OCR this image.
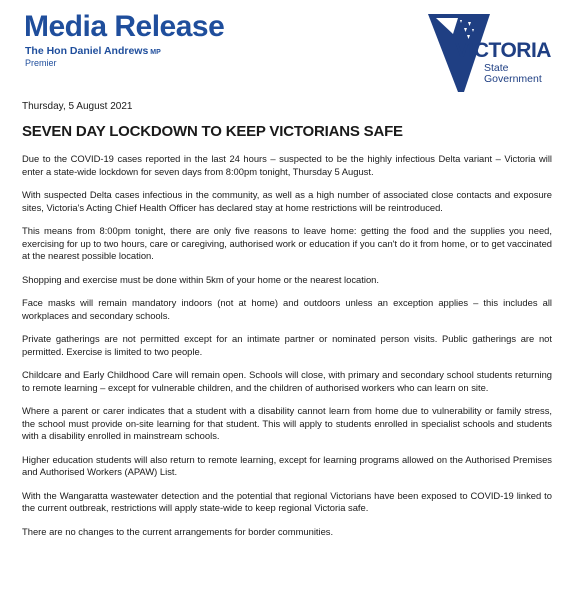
Media Release
The Hon Daniel Andrews MP
Premier
VICTORIA
State
Government
Thursday, 5 August 2021
SEVEN DAY LOCKDOWN TO KEEP VICTORIANS SAFE

Due to the COVID-19 cases reported in the last 24 hours – suspected to be the highly infectious Delta variant – Victoria will enter a state-wide lockdown for seven days from 8:00pm tonight, Thursday 5 August.

With suspected Delta cases infectious in the community, as well as a high number of associated close contacts and exposure sites, Victoria's Acting Chief Health Officer has declared stay at home restrictions will be reintroduced.

This means from 8:00pm tonight, there are only five reasons to leave home: getting the food and the supplies you need, exercising for up to two hours, care or caregiving, authorised work or education if you can't do it from home, or to get vaccinated at the nearest possible location.

Shopping and exercise must be done within 5km of your home or the nearest location.

Face masks will remain mandatory indoors (not at home) and outdoors unless an exception applies – this includes all workplaces and secondary schools.

Private gatherings are not permitted except for an intimate partner or nominated person visits. Public gatherings are not permitted. Exercise is limited to two people.

Childcare and Early Childhood Care will remain open. Schools will close, with primary and secondary school students returning to remote learning – except for vulnerable children, and the children of authorised workers who can learn on site.

Where a parent or carer indicates that a student with a disability cannot learn from home due to vulnerability or family stress, the school must provide on-site learning for that student. This will apply to students enrolled in specialist schools and students with a disability enrolled in mainstream schools.

Higher education students will also return to remote learning, except for learning programs allowed on the Authorised Premises and Authorised Workers (APAW) List.

With the Wangaratta wastewater detection and the potential that regional Victorians have been exposed to COVID-19 linked to the current outbreak, restrictions will apply state-wide to keep regional Victoria safe.

There are no changes to the current arrangements for border communities.
